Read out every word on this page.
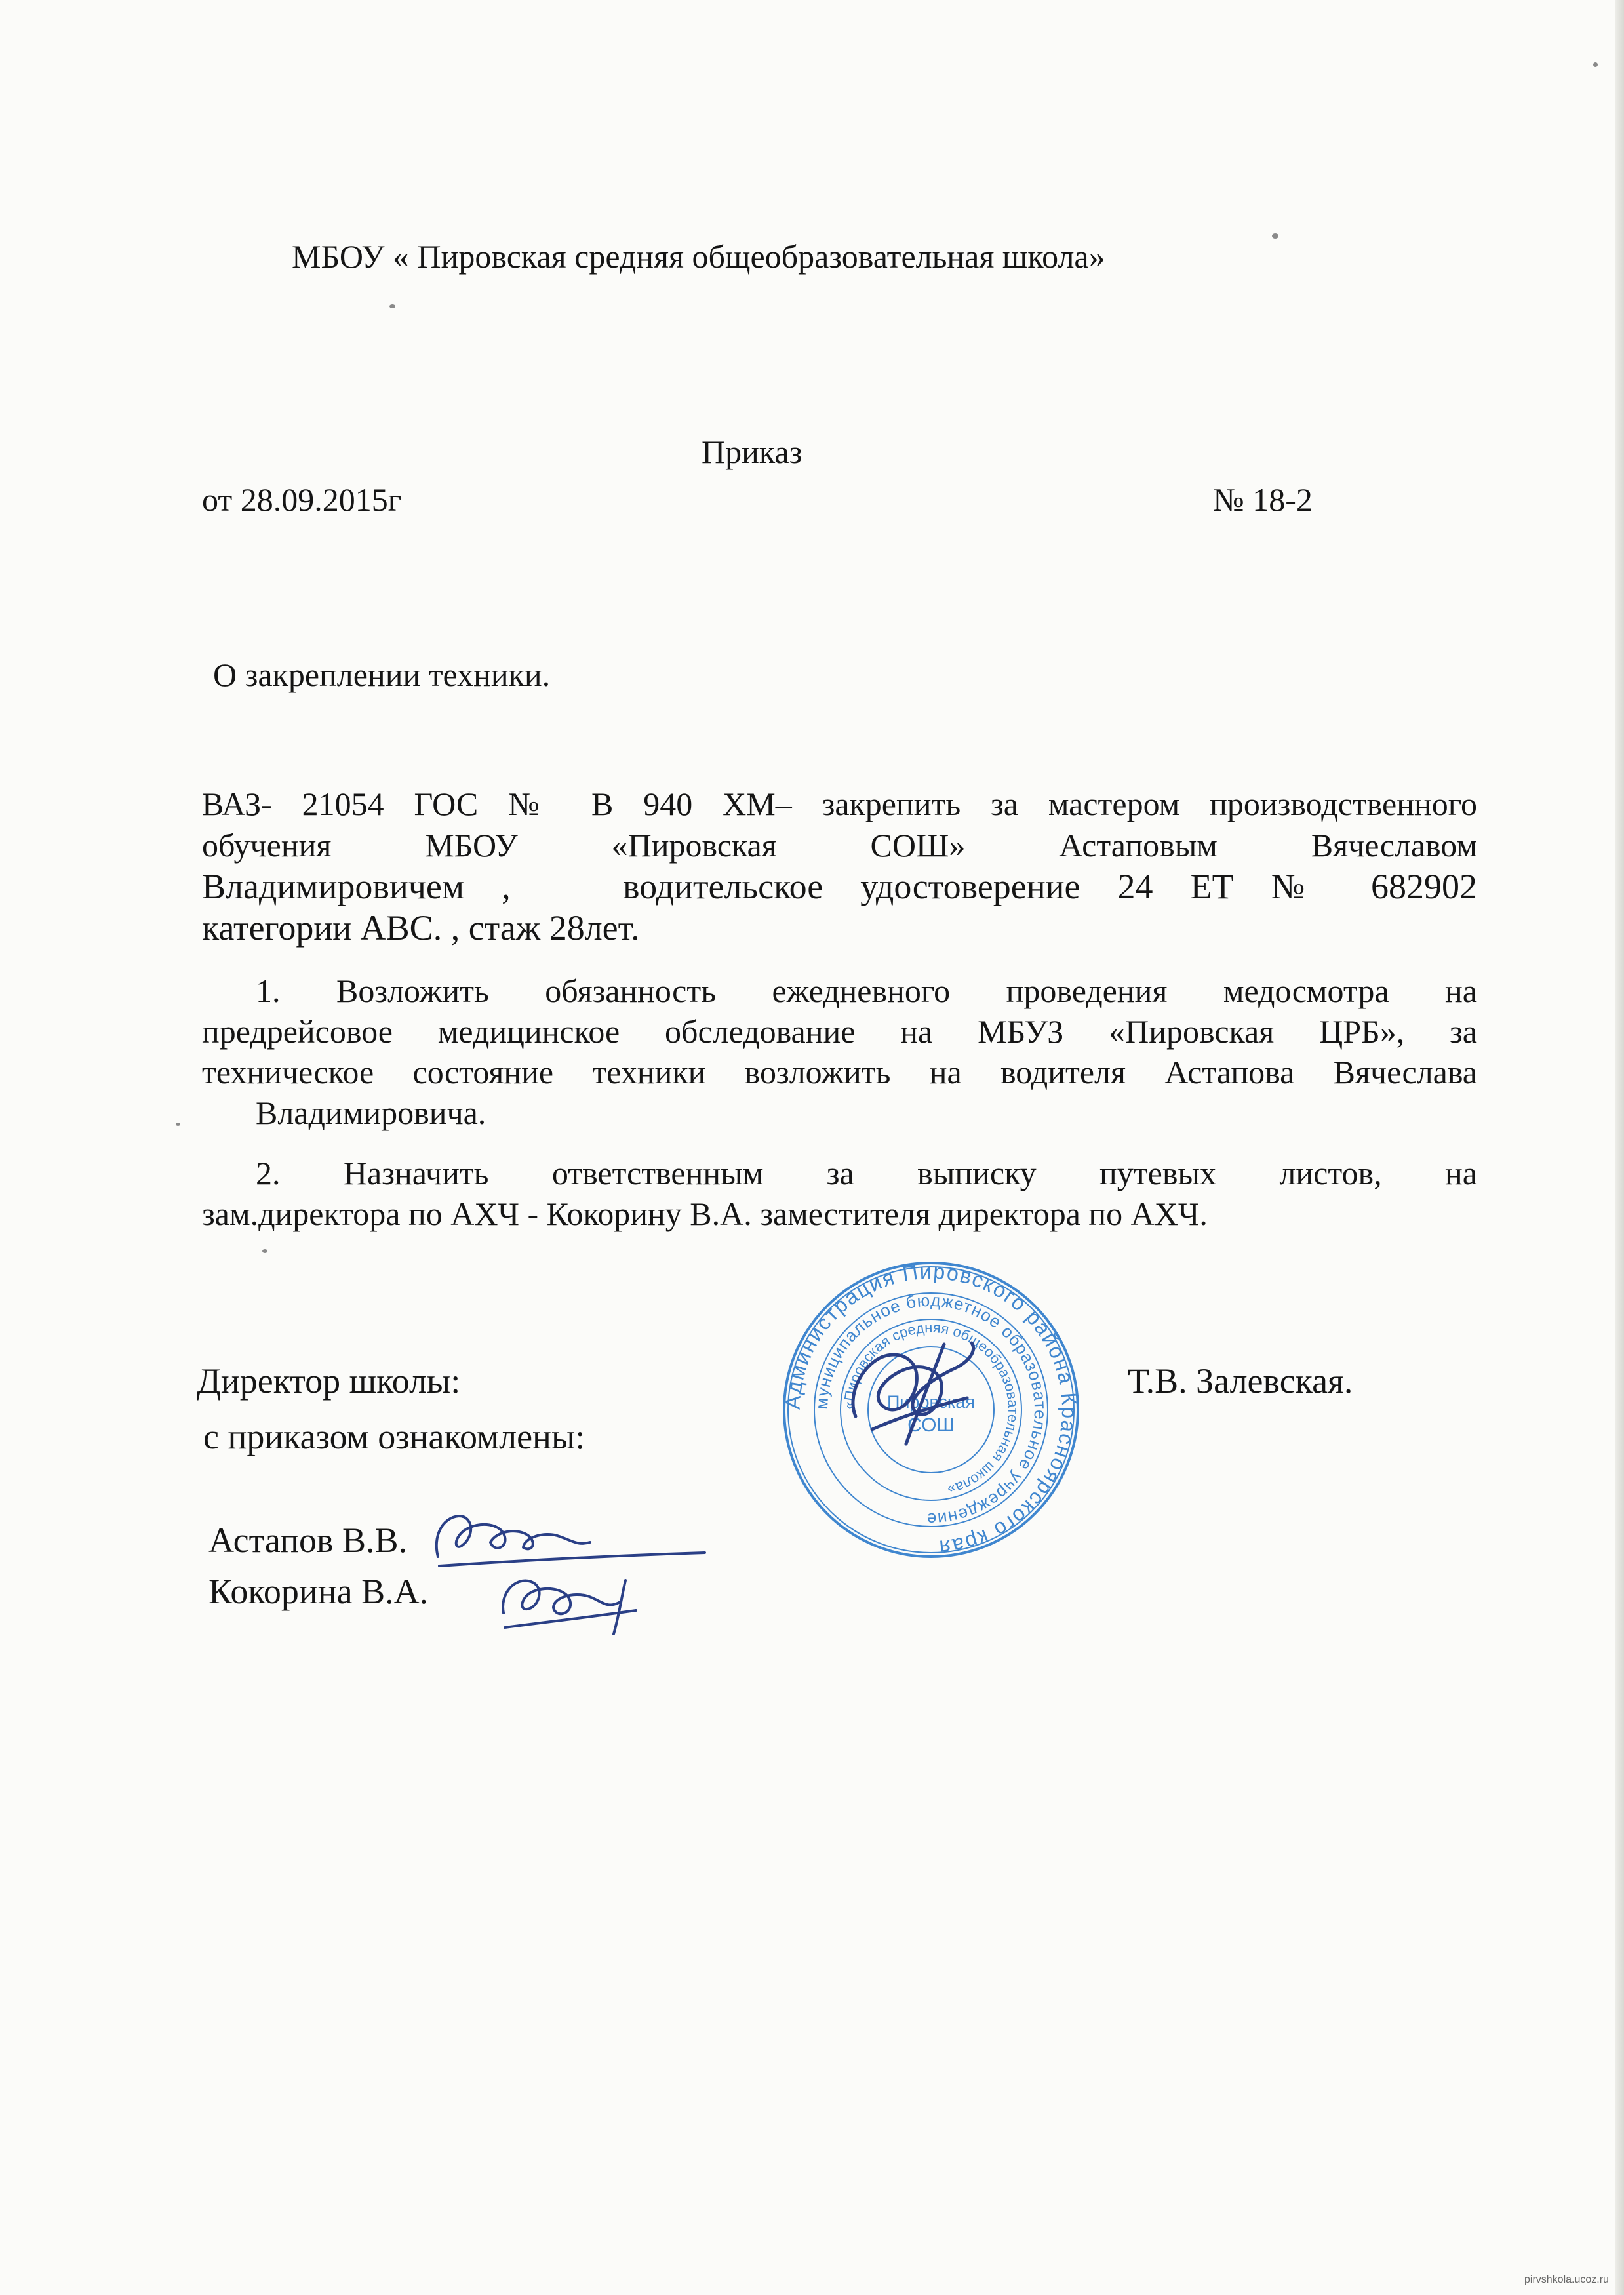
МБОУ « Пировская средняя общеобразовательная школа»
Приказ
от 28.09.2015г	№ 18-2
О закреплении техники.
ВАЗ- 21054 ГОС № В 940 ХМ– закрепить за мастером производственного
обучения МБОУ «Пировская СОШ» Астаповым Вячеславом
Владимировичем ,	водительское удостоверение 24 ЕТ № 682902
категории АВС. , стаж 28лет.
1. Возложить обязанность ежедневного проведения медосмотра на
предрейсовое медицинское обследование на МБУЗ «Пировская ЦРБ», за
техническое состояние техники возложить на водителя Астапова Вячеслава
Владимировича.
2. Назначить ответственным за выписку путевых листов, на
зам.директора по АХЧ - Кокорину В.А. заместителя директора по АХЧ.
Администрация Пировского района Красноярского края
муниципальное бюджетное образовательное учреждение
«Пировская средняя общеобразовательная школа»
Пировская
СОШ
Директор школы:	Т.В. Залевская.
с приказом ознакомлены:
Астапов В.В.
Кокорина В.А.
pirvshkola.ucoz.ru
